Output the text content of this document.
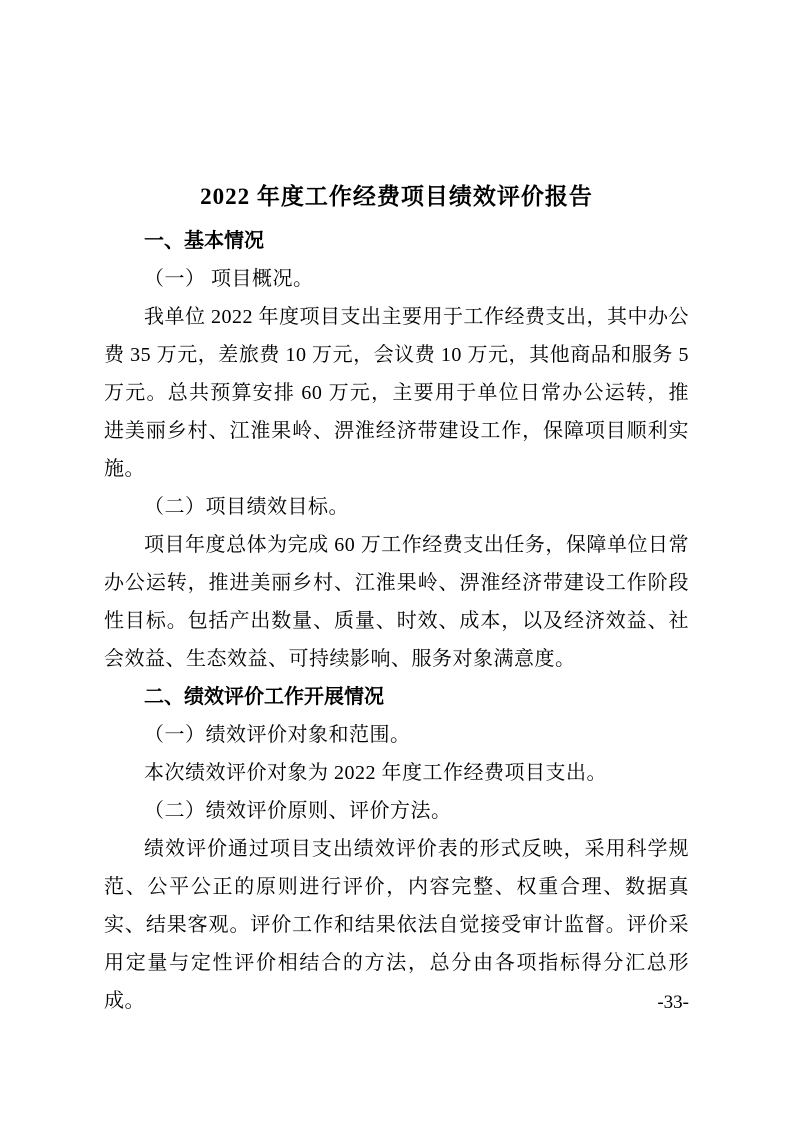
2022 年度工作经费项目绩效评价报告

一、基本情况

（一） 项目概况。

我单位 2022 年度项目支出主要用于工作经费支出，其中办公费 35 万元，差旅费 10 万元，会议费 10 万元，其他商品和服务 5 万元。总共预算安排 60 万元，主要用于单位日常办公运转，推进美丽乡村、江淮果岭、淠淮经济带建设工作，保障项目顺利实施。

（二）项目绩效目标。

项目年度总体为完成 60 万工作经费支出任务，保障单位日常办公运转，推进美丽乡村、江淮果岭、淠淮经济带建设工作阶段性目标。包括产出数量、质量、时效、成本，以及经济效益、社会效益、生态效益、可持续影响、服务对象满意度。

二、绩效评价工作开展情况

（一）绩效评价对象和范围。

本次绩效评价对象为 2022 年度工作经费项目支出。

（二）绩效评价原则、评价方法。

绩效评价通过项目支出绩效评价表的形式反映，采用科学规范、公平公正的原则进行评价，内容完整、权重合理、数据真实、结果客观。评价工作和结果依法自觉接受审计监督。评价采用定量与定性评价相结合的方法，总分由各项指标得分汇总形成。	-33-
